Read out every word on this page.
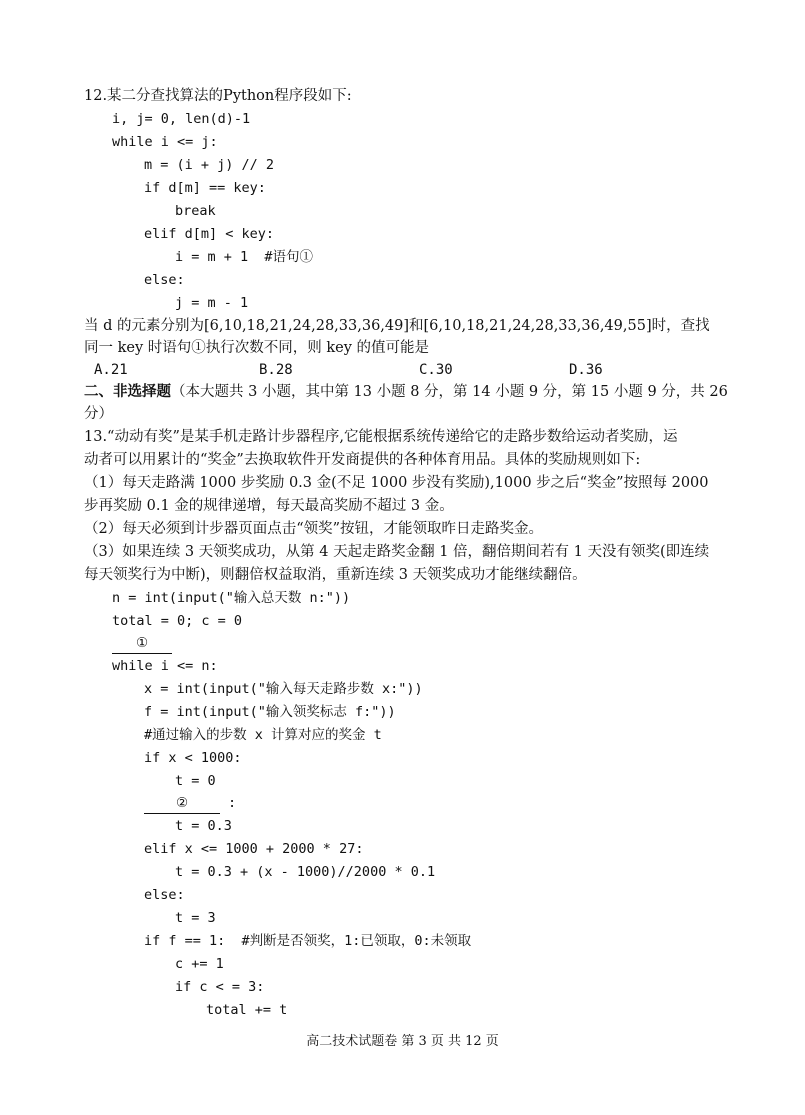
12.某二分查找算法的Python程序段如下:
i, j= 0, len(d)-1
while i <= j:
m = (i + j) // 2
if d[m] == key:
break
elif d[m] < key:
i = m + 1  #语句①
else:
j = m - 1
当 d 的元素分别为[6,10,18,21,24,28,33,36,49]和[6,10,18,21,24,28,33,36,49,55]时，查找
同一 key 时语句①执行次数不同，则 key 的值可能是
A.21	B.28	C.30	D.36
二、非选择题（本大题共 3 小题，其中第 13 小题 8 分，第 14 小题 9 分，第 15 小题 9 分，共 26
分）
13.“动动有奖”是某手机走路计步器程序,它能根据系统传递给它的走路步数给运动者奖励，运
动者可以用累计的“奖金”去换取软件开发商提供的各种体育用品。具体的奖励规则如下:
（1）每天走路满 1000 步奖励 0.3 金(不足 1000 步没有奖励),1000 步之后“奖金”按照每 2000
步再奖励 0.1 金的规律递增，每天最高奖励不超过 3 金。
（2）每天必须到计步器页面点击“领奖”按钮，才能领取昨日走路奖金。
（3）如果连续 3 天领奖成功，从第 4 天起走路奖金翻 1 倍，翻倍期间若有 1 天没有领奖(即连续
每天领奖行为中断)，则翻倍权益取消，重新连续 3 天领奖成功才能继续翻倍。
n = int(input("输入总天数 n:"))
total = 0; c = 0
①
while i <= n:
x = int(input("输入每天走路步数 x:"))
f = int(input("输入领奖标志 f:"))
#通过输入的步数 x 计算对应的奖金 t
if x < 1000:
t = 0
②	:
t = 0.3
elif x <= 1000 + 2000 * 27:
t = 0.3 + (x - 1000)//2000 * 0.1
else:
t = 3
if f == 1:  #判断是否领奖，1:已领取，0:未领取
c += 1
if c < = 3:
total += t
高二技术试题卷 第 3 页 共 12 页
